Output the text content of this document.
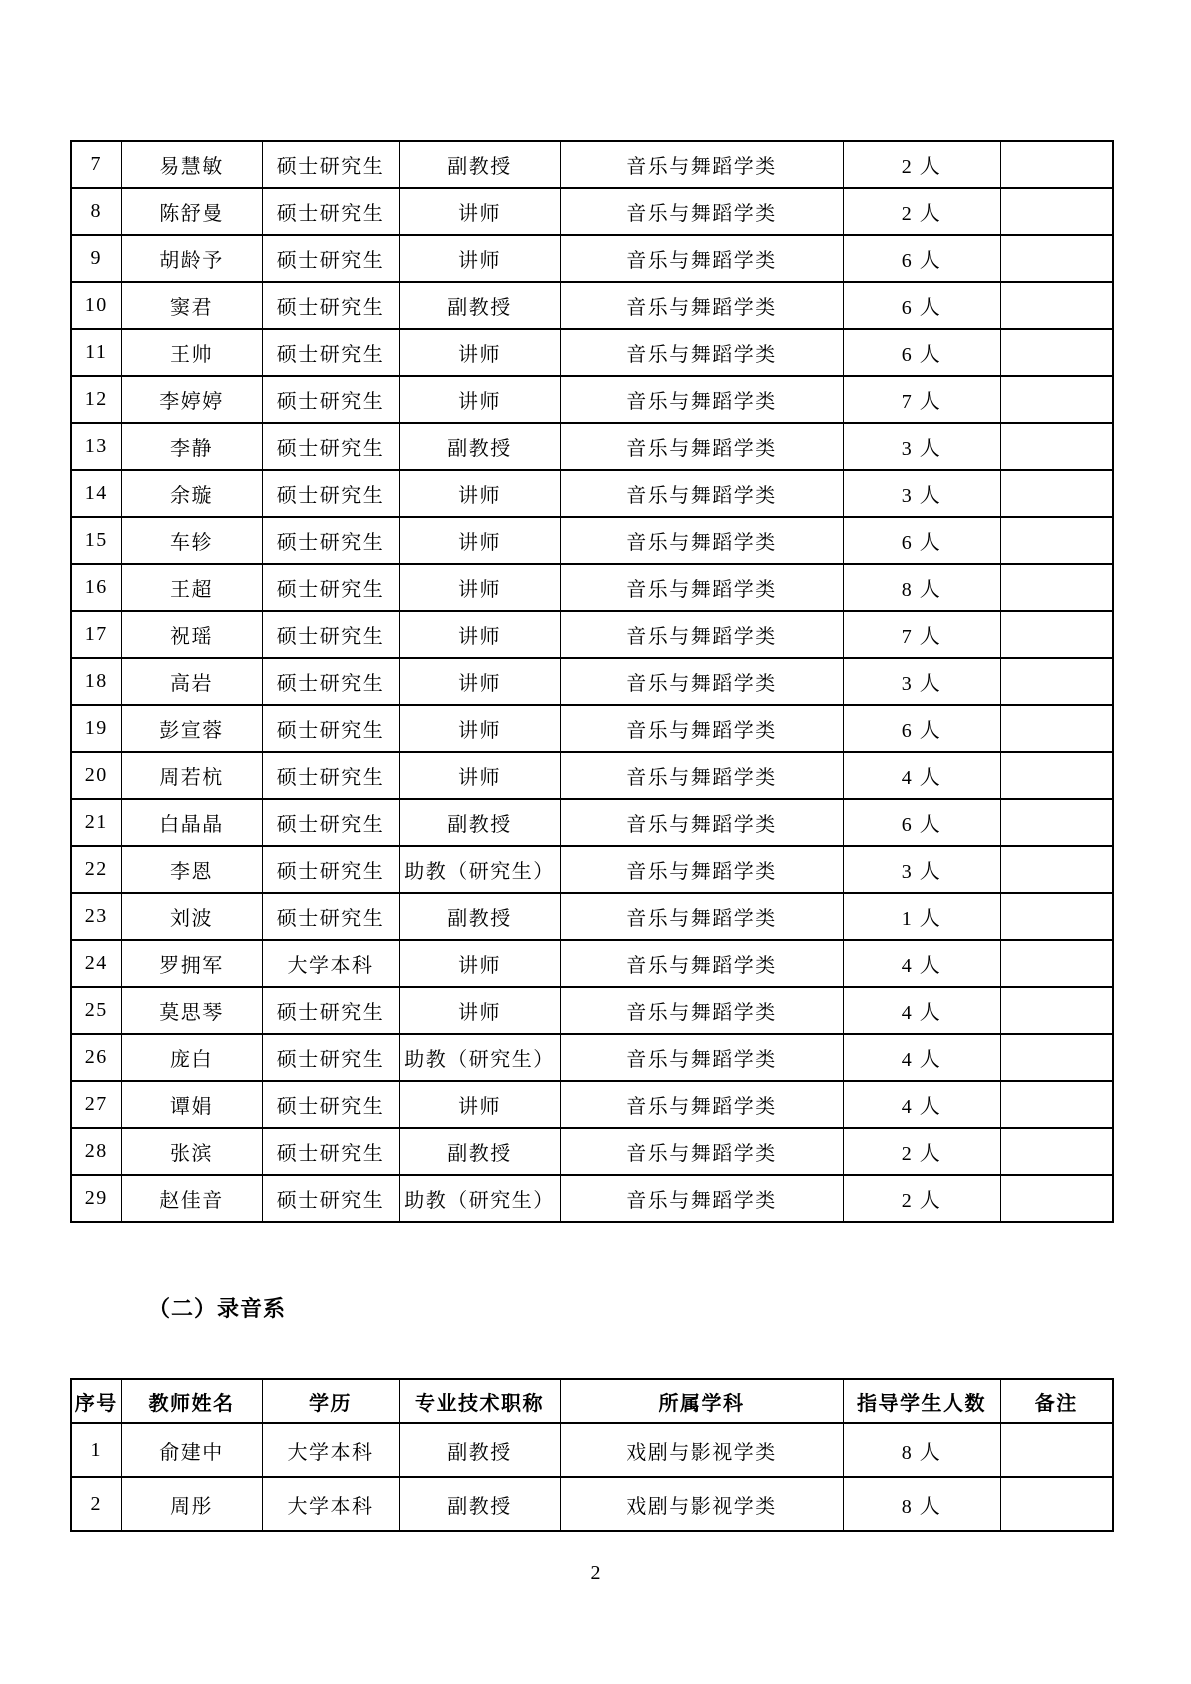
7	易慧敏	硕士研究生	副教授	音乐与舞蹈学类	2 人	
8	陈舒曼	硕士研究生	讲师	音乐与舞蹈学类	2 人	
9	胡龄予	硕士研究生	讲师	音乐与舞蹈学类	6 人	
10	窦君	硕士研究生	副教授	音乐与舞蹈学类	6 人	
11	王帅	硕士研究生	讲师	音乐与舞蹈学类	6 人	
12	李婷婷	硕士研究生	讲师	音乐与舞蹈学类	7 人	
13	李静	硕士研究生	副教授	音乐与舞蹈学类	3 人	
14	余璇	硕士研究生	讲师	音乐与舞蹈学类	3 人	
15	车轸	硕士研究生	讲师	音乐与舞蹈学类	6 人	
16	王超	硕士研究生	讲师	音乐与舞蹈学类	8 人	
17	祝瑶	硕士研究生	讲师	音乐与舞蹈学类	7 人	
18	高岩	硕士研究生	讲师	音乐与舞蹈学类	3 人	
19	彭宣蓉	硕士研究生	讲师	音乐与舞蹈学类	6 人	
20	周若杭	硕士研究生	讲师	音乐与舞蹈学类	4 人	
21	白晶晶	硕士研究生	副教授	音乐与舞蹈学类	6 人	
22	李恩	硕士研究生	助教（研究生）	音乐与舞蹈学类	3 人	
23	刘波	硕士研究生	副教授	音乐与舞蹈学类	1 人	
24	罗拥军	大学本科	讲师	音乐与舞蹈学类	4 人	
25	莫思琴	硕士研究生	讲师	音乐与舞蹈学类	4 人	
26	庞白	硕士研究生	助教（研究生）	音乐与舞蹈学类	4 人	
27	谭娟	硕士研究生	讲师	音乐与舞蹈学类	4 人	
28	张滨	硕士研究生	副教授	音乐与舞蹈学类	2 人	
29	赵佳音	硕士研究生	助教（研究生）	音乐与舞蹈学类	2 人	
（二）录音系
序号	教师姓名	学历	专业技术职称	所属学科	指导学生人数	备注
1	俞建中	大学本科	副教授	戏剧与影视学类	8 人	
2	周彤	大学本科	副教授	戏剧与影视学类	8 人	
2
